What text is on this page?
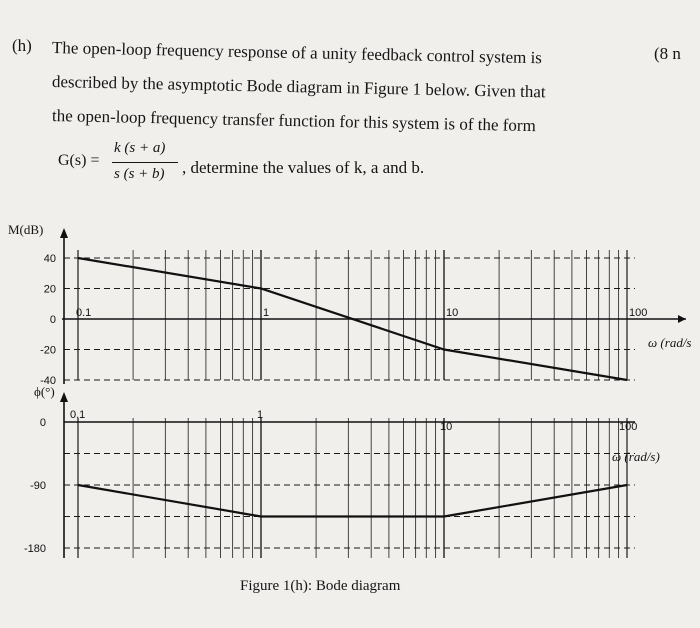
(h)	(8 n
The open-loop frequency response of a unity feedback control system is
described by the asymptotic Bode diagram in Figure 1 below. Given that
the open-loop frequency transfer function for this system is of the form
G(s) =
k (s + a)
s (s + b) , determine the values of k, a and b.
0.1	1	10	100
40
20
0
-20
-40
0.1	1
10	100
0
-90
-180
M(dB)
ω (rad/s
ϕ(°)
ω (rad/s)
Figure 1(h): Bode diagram
